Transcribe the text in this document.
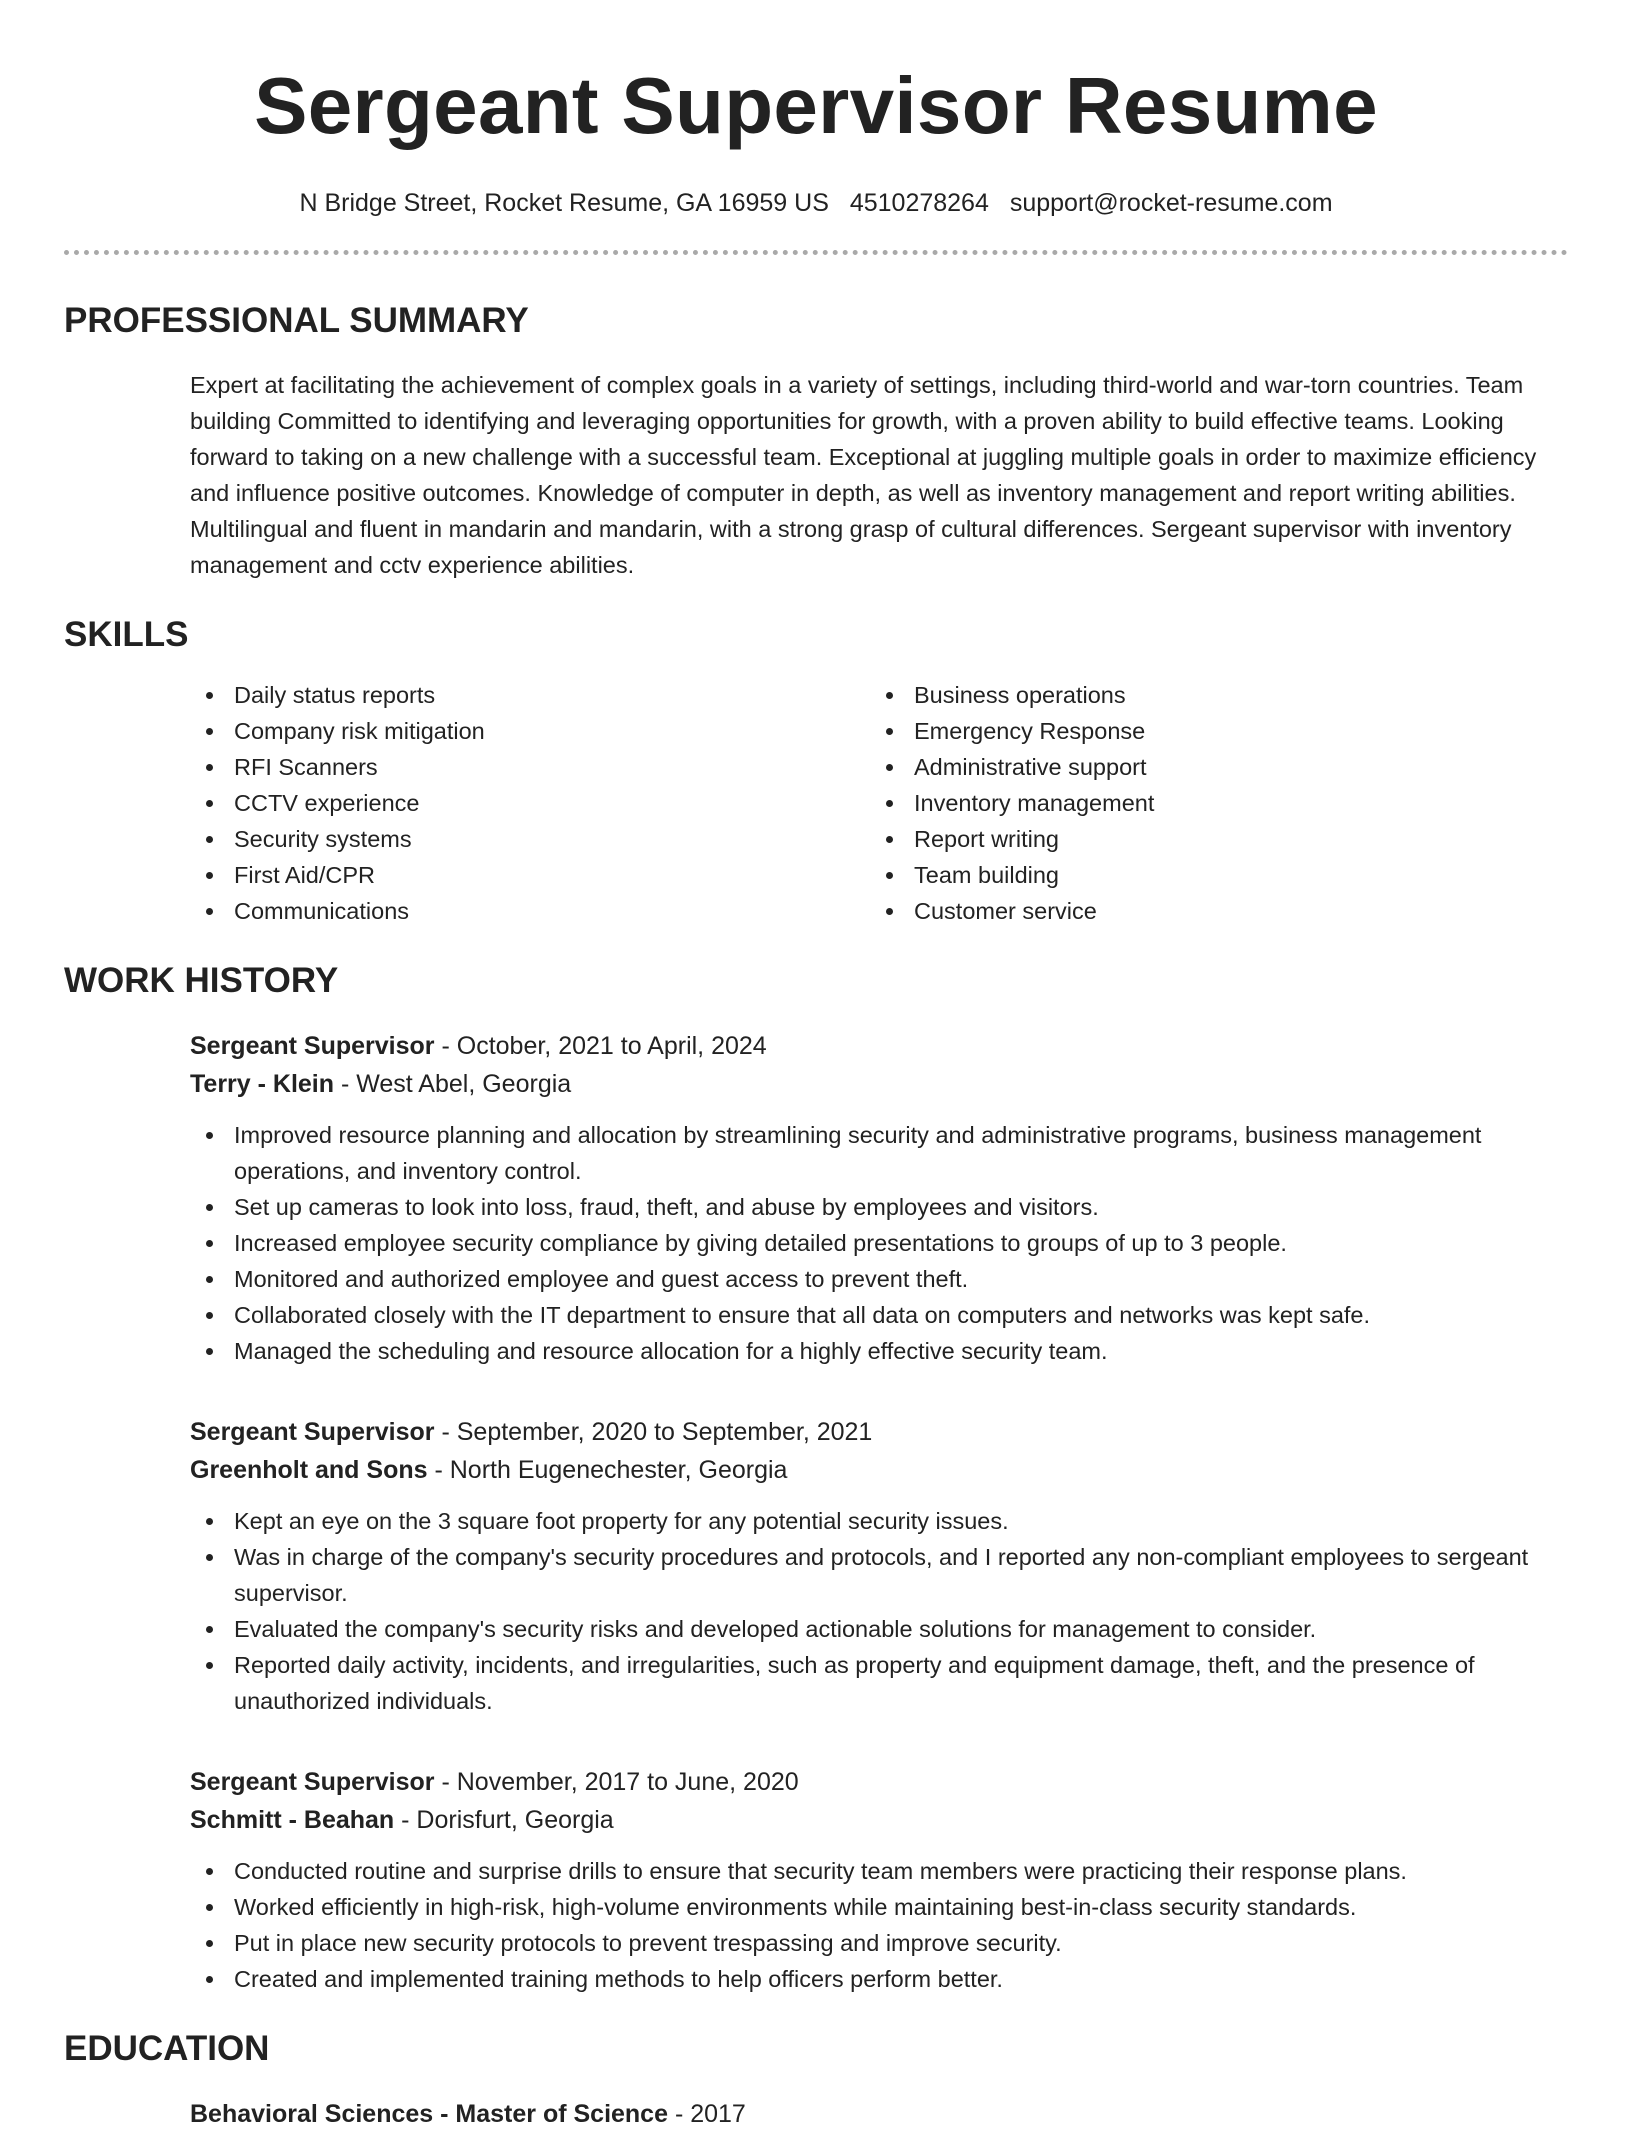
Sergeant Supervisor Resume
N Bridge Street, Rocket Resume, GA 16959 US 4510278264 support@rocket-resume.com
PROFESSIONAL SUMMARY

Expert at facilitating the achievement of complex goals in a variety of settings, including third-world and war-torn countries. Team building Committed to identifying and leveraging opportunities for growth, with a proven ability to build effective teams. Looking forward to taking on a new challenge with a successful team. Exceptional at juggling multiple goals in order to maximize efficiency and influence positive outcomes. Knowledge of computer in depth, as well as inventory management and report writing abilities. Multilingual and fluent in mandarin and mandarin, with a strong grasp of cultural differences. Sergeant supervisor with inventory management and cctv experience abilities.

SKILLS
Daily status reports
Company risk mitigation
RFI Scanners
CCTV experience
Security systems
First Aid/CPR
Communications
Business operations
Emergency Response
Administrative support
Inventory management
Report writing
Team building
Customer service
WORK HISTORY
Sergeant Supervisor - October, 2021 to April, 2024
Terry - Klein - West Abel, Georgia
Improved resource planning and allocation by streamlining security and administrative programs, business management operations, and inventory control.
Set up cameras to look into loss, fraud, theft, and abuse by employees and visitors.
Increased employee security compliance by giving detailed presentations to groups of up to 3 people.
Monitored and authorized employee and guest access to prevent theft.
Collaborated closely with the IT department to ensure that all data on computers and networks was kept safe.
Managed the scheduling and resource allocation for a highly effective security team.
Sergeant Supervisor - September, 2020 to September, 2021
Greenholt and Sons - North Eugenechester, Georgia
Kept an eye on the 3 square foot property for any potential security issues.
Was in charge of the company's security procedures and protocols, and I reported any non-compliant employees to sergeant supervisor.
Evaluated the company's security risks and developed actionable solutions for management to consider.
Reported daily activity, incidents, and irregularities, such as property and equipment damage, theft, and the presence of unauthorized individuals.
Sergeant Supervisor - November, 2017 to June, 2020
Schmitt - Beahan - Dorisfurt, Georgia
Conducted routine and surprise drills to ensure that security team members were practicing their response plans.
Worked efficiently in high-risk, high-volume environments while maintaining best-in-class security standards.
Put in place new security protocols to prevent trespassing and improve security.
Created and implemented training methods to help officers perform better.
EDUCATION
Behavioral Sciences - Master of Science - 2017
